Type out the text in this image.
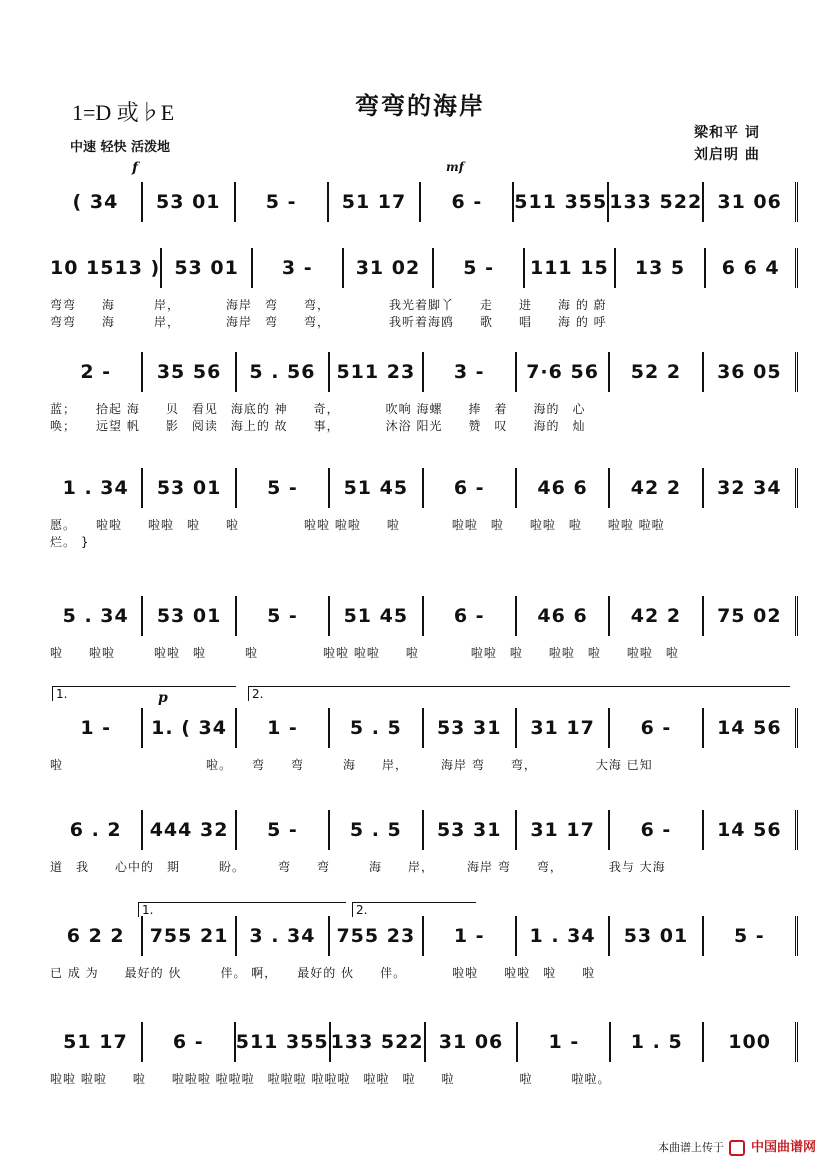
弯弯的海岸
1=D 或♭E
中速 轻快 活泼地
梁和平 词
刘启明 曲
f	mf
p
( 34	53 01	5 -	51 17	6 -	511 355 133 522 31 06
10 1513 ) 53 01	3 -	31 02	5 -	111 15	13 5	6 6 4
弯弯　　海　　　岸，　　　　海岸　弯　　弯，　　　　　我光着脚丫　　走　　进　　海 的 蔚
弯弯　　海　　　岸，　　　　海岸　弯　　弯，　　　　　我听着海鸥　　歌　　唱　　海 的 呼
2 -	35 56	5 . 56	511 23	3 -	7·6 56	52 2	36 05
蓝；　　拾起 海　　贝　看见　海底的 神　　奇，　　　　吹响 海螺　　捧　着　　海的　心
唤；　　远望 帆　　影　阅读　海上的 故　　事，　　　　沐浴 阳光　　赞　叹　　海的　灿
1 . 34	53 01	5 -	51 45	6 -	46 6	42 2	32 34
愿。　　啦啦　　啦啦　啦　　啦　　　　　啦啦 啦啦　　啦　　　　啦啦　啦　　啦啦　啦　　啦啦 啦啦
烂。 }
5 . 34	53 01	5 -	51 45	6 -	46 6	42 2	75 02
啦　　啦啦　　　啦啦　啦　　　啦　　　　　啦啦 啦啦　　啦　　　　啦啦　啦　　啦啦　啦　　啦啦　啦
1 -	1. ( 34	1 -	5 . 5	53 31	31 17	6 -	14 56
啦　　　　　　　　　　　啦。　　弯　　弯　　　海　　岸，　　　海岸 弯　　弯，　　　　　大海 已知
6 . 2	444 32	5 -	5 . 5	53 31	31 17	6 -	14 56
道　我　　心中的　期　　　盼。　　　弯　　弯　　　海　　岸，　　　海岸 弯　　弯，　　　　我与 大海
6 2 2	755 21	3 . 34	755 23	1 -	1 . 34	53 01	5 -
已 成 为　　最好的 伙　　　伴。 啊，　　最好的 伙　　伴。　　　　啦啦　　啦啦　啦　　啦
51 17	6 -	511 355 133 522 31 06	1 -	1 . 5	100
啦啦 啦啦　　啦　　啦啦啦 啦啦啦　啦啦啦 啦啦啦　啦啦　啦　　啦　　　　　啦　　　啦啦。
1.	2.
1.	2.
本曲谱上传于 中国曲谱网
